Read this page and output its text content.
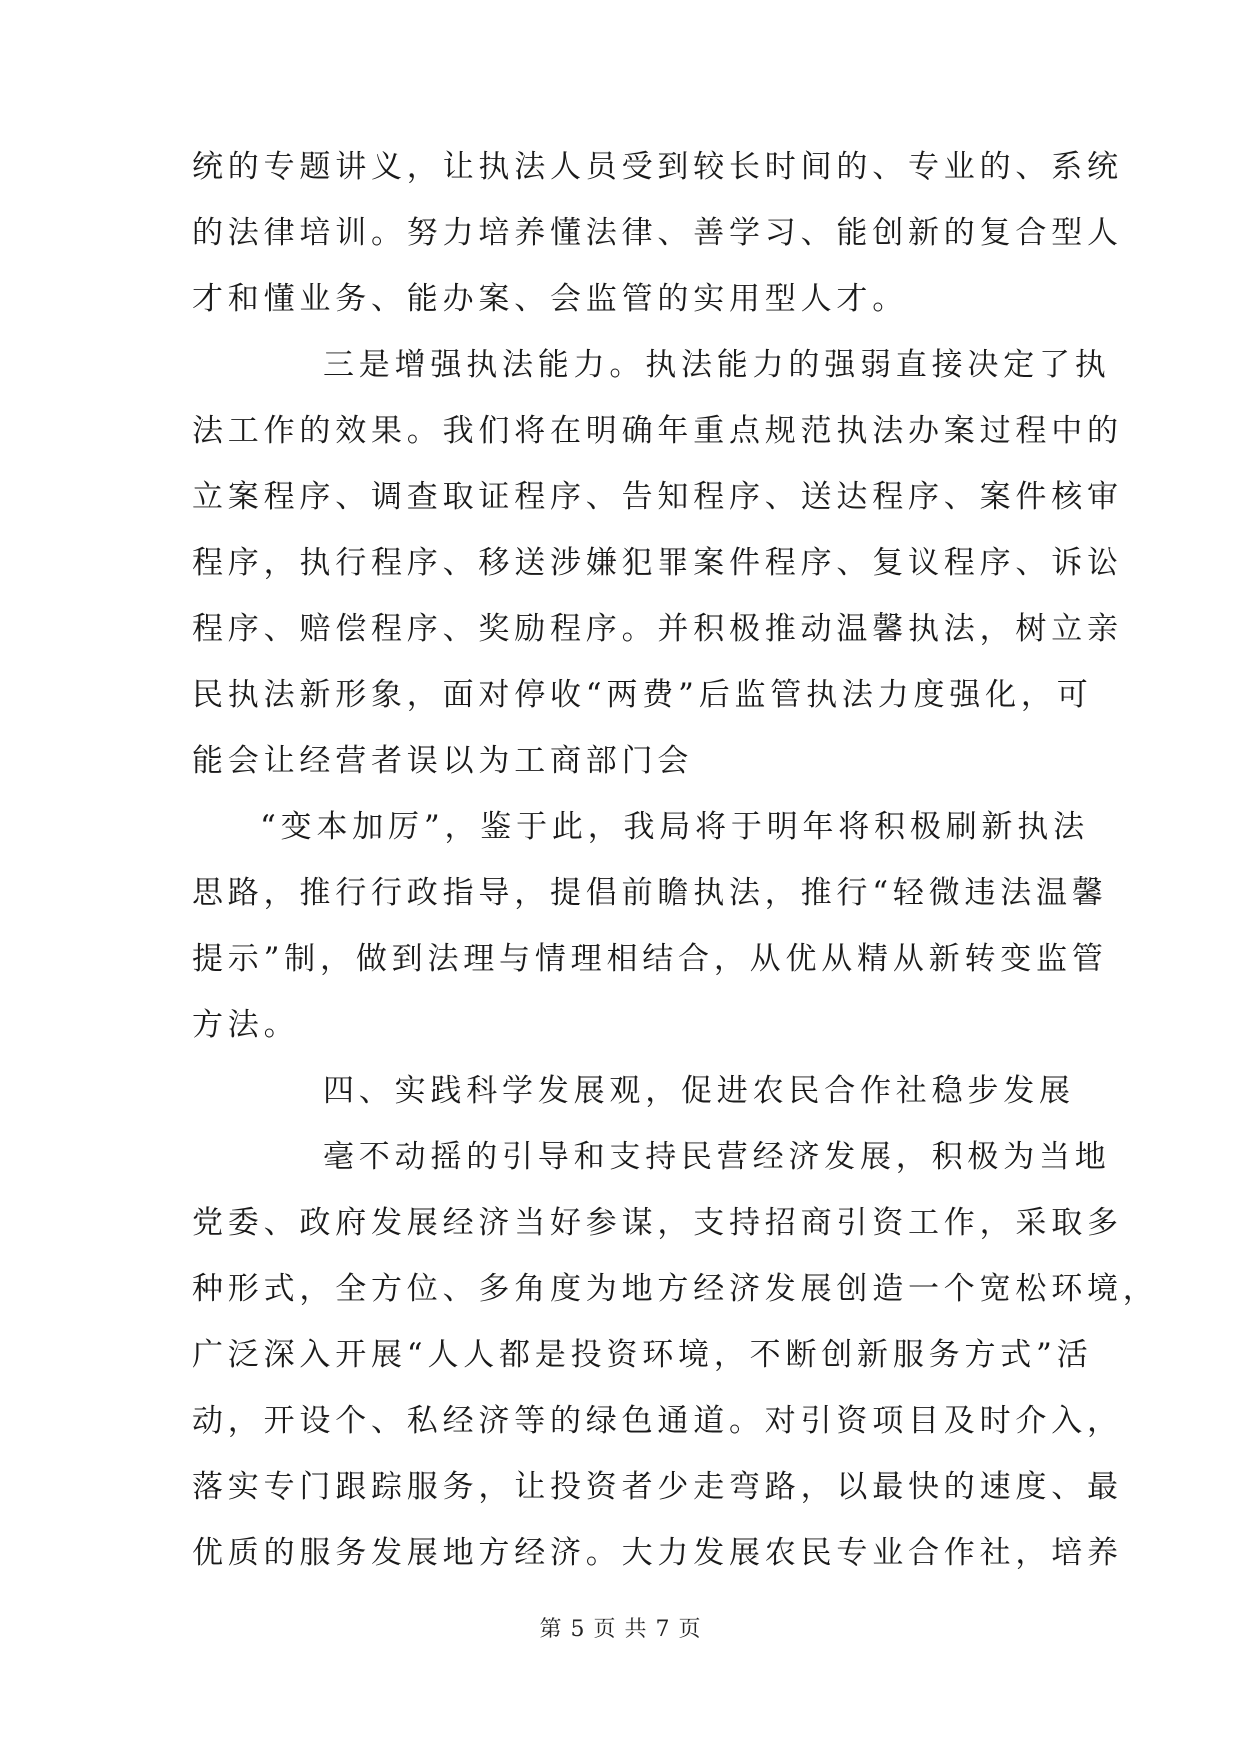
统的专题讲义，让执法人员受到较长时间的、专业的、系统
的法律培训。努力培养懂法律、善学习、能创新的复合型人
才和懂业务、能办案、会监管的实用型人才。
三是增强执法能力。执法能力的强弱直接决定了执
法工作的效果。我们将在明确年重点规范执法办案过程中的
立案程序、调查取证程序、告知程序、送达程序、案件核审
程序，执行程序、移送涉嫌犯罪案件程序、复议程序、诉讼
程序、赔偿程序、奖励程序。并积极推动温馨执法，树立亲
民执法新形象，面对停收“两费”后监管执法力度强化，可
能会让经营者误以为工商部门会
“变本加厉”，鉴于此，我局将于明年将积极刷新执法
思路，推行行政指导，提倡前瞻执法，推行“轻微违法温馨
提示”制，做到法理与情理相结合，从优从精从新转变监管
方法。
四、实践科学发展观，促进农民合作社稳步发展
毫不动摇的引导和支持民营经济发展，积极为当地
党委、政府发展经济当好参谋，支持招商引资工作，采取多
种形式，全方位、多角度为地方经济发展创造一个宽松环境，
广泛深入开展“人人都是投资环境，不断创新服务方式”活
动，开设个、私经济等的绿色通道。对引资项目及时介入，
落实专门跟踪服务，让投资者少走弯路，以最快的速度、最
优质的服务发展地方经济。大力发展农民专业合作社，培养
第 5 页 共 7 页
